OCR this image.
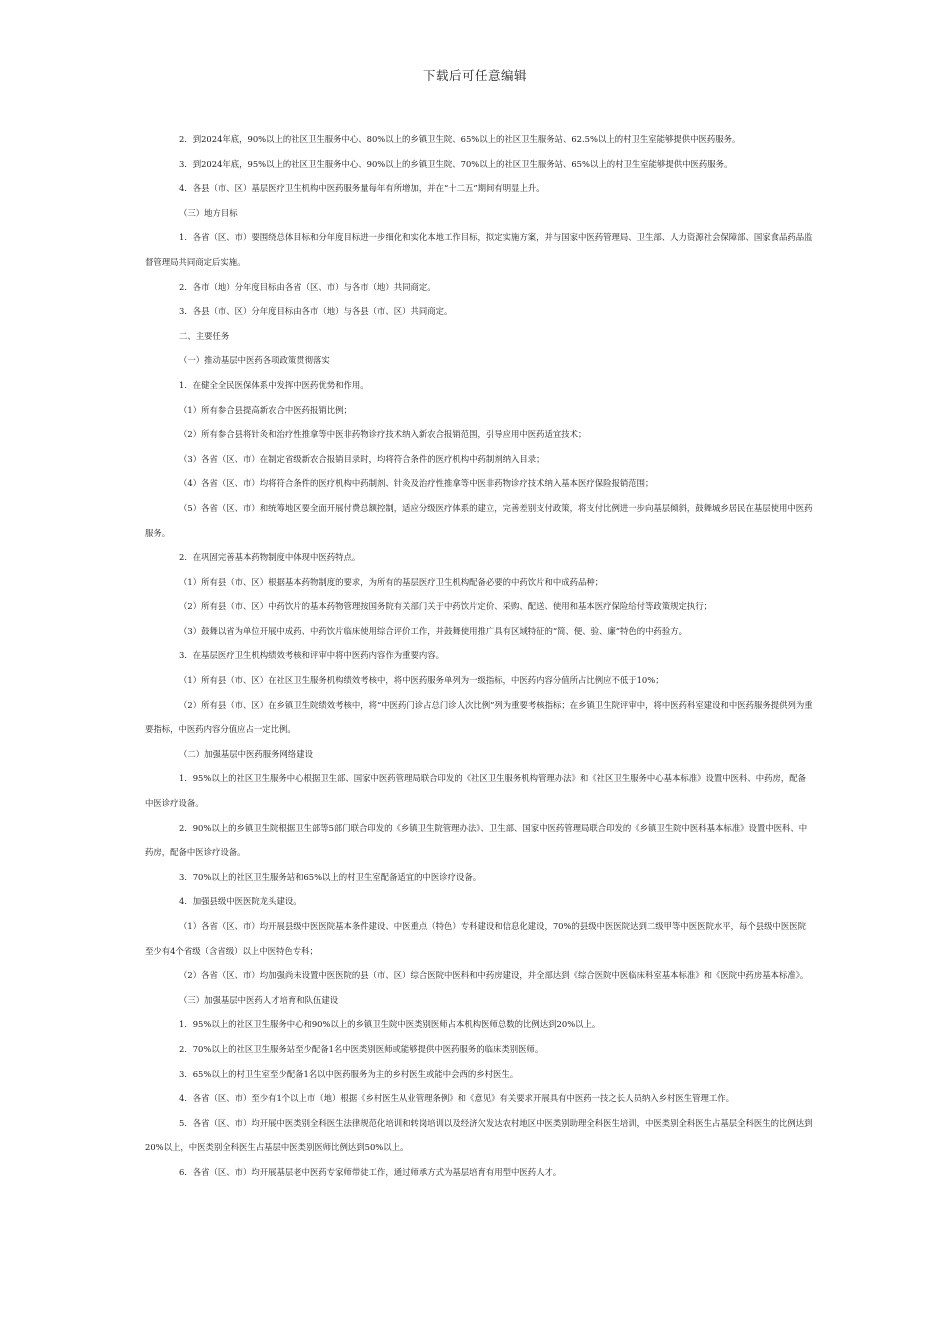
下载后可任意编辑

2．到2024年底，90%以上的社区卫生服务中心、80%以上的乡镇卫生院、65%以上的社区卫生服务站、62.5%以上的村卫生室能够提供中医药服务。

3．到2024年底，95%以上的社区卫生服务中心、90%以上的乡镇卫生院、70%以上的社区卫生服务站、65%以上的村卫生室能够提供中医药服务。

4．各县（市、区）基层医疗卫生机构中医药服务量每年有所增加，并在“十二五”期间有明显上升。

（三）地方目标

1．各省（区、市）要围绕总体目标和分年度目标进一步细化和实化本地工作目标，拟定实施方案，并与国家中医药管理局、卫生部、人力资源社会保障部、国家食品药品监督管理局共同商定后实施。

2．各市（地）分年度目标由各省（区、市）与各市（地）共同商定。

3．各县（市、区）分年度目标由各市（地）与各县（市、区）共同商定。

二、主要任务

（一）推动基层中医药各项政策贯彻落实

1．在健全全民医保体系中发挥中医药优势和作用。

（1）所有参合县提高新农合中医药报销比例；

（2）所有参合县将针灸和治疗性推拿等中医非药物诊疗技术纳入新农合报销范围，引导应用中医药适宜技术；

（3）各省（区、市）在制定省级新农合报销目录时，均将符合条件的医疗机构中药制剂纳入目录；

（4）各省（区、市）均将符合条件的医疗机构中药制剂、针灸及治疗性推拿等中医非药物诊疗技术纳入基本医疗保险报销范围；

（5）各省（区、市）和统筹地区要全面开展付费总额控制，适应分级医疗体系的建立，完善差别支付政策，将支付比例进一步向基层倾斜，鼓舞城乡居民在基层使用中医药服务。

2．在巩固完善基本药物制度中体现中医药特点。

（1）所有县（市、区）根据基本药物制度的要求，为所有的基层医疗卫生机构配备必要的中药饮片和中成药品种；

（2）所有县（市、区）中药饮片的基本药物管理按国务院有关部门关于中药饮片定价、采购、配送、使用和基本医疗保险给付等政策规定执行；

（3）鼓舞以省为单位开展中成药、中药饮片临床使用综合评价工作，并鼓舞使用推广具有区域特征的“简、便、验、廉”特色的中药验方。

3．在基层医疗卫生机构绩效考核和评审中将中医药内容作为重要内容。

（1）所有县（市、区）在社区卫生服务机构绩效考核中，将中医药服务单列为一级指标，中医药内容分值所占比例应不低于10%；

（2）所有县（市、区）在乡镇卫生院绩效考核中，将“中医药门诊占总门诊人次比例”列为重要考核指标；在乡镇卫生院评审中，将中医药科室建设和中医药服务提供列为重要指标，中医药内容分值应占一定比例。

（二）加强基层中医药服务网络建设

1．95%以上的社区卫生服务中心根据卫生部、国家中医药管理局联合印发的《社区卫生服务机构管理办法》和《社区卫生服务中心基本标准》设置中医科、中药房，配备中医诊疗设备。

2．90%以上的乡镇卫生院根据卫生部等5部门联合印发的《乡镇卫生院管理办法》、卫生部、国家中医药管理局联合印发的《乡镇卫生院中医科基本标准》设置中医科、中药房，配备中医诊疗设备。

3．70%以上的社区卫生服务站和65%以上的村卫生室配备适宜的中医诊疗设备。

4．加强县级中医医院龙头建设。

（1）各省（区、市）均开展县级中医医院基本条件建设、中医重点（特色）专科建设和信息化建设，70%的县级中医医院达到二级甲等中医医院水平，每个县级中医医院至少有4个省级（含省级）以上中医特色专科；

（2）各省（区、市）均加强尚未设置中医医院的县（市、区）综合医院中医科和中药房建设，并全部达到《综合医院中医临床科室基本标准》和《医院中药房基本标准》。

（三）加强基层中医药人才培育和队伍建设

1．95%以上的社区卫生服务中心和90%以上的乡镇卫生院中医类别医师占本机构医师总数的比例达到20%以上。

2．70%以上的社区卫生服务站至少配备1名中医类别医师或能够提供中医药服务的临床类别医师。

3．65%以上的村卫生室至少配备1名以中医药服务为主的乡村医生或能中会西的乡村医生。

4．各省（区、市）至少有1个以上市（地）根据《乡村医生从业管理条例》和《意见》有关要求开展具有中医药一技之长人员纳入乡村医生管理工作。

5．各省（区、市）均开展中医类别全科医生法律规范化培训和转岗培训以及经济欠发达农村地区中医类别助理全科医生培训，中医类别全科医生占基层全科医生的比例达到20%以上，中医类别全科医生占基层中医类别医师比例达到50%以上。

6．各省（区、市）均开展基层老中医药专家师带徒工作，通过师承方式为基层培育有用型中医药人才。
